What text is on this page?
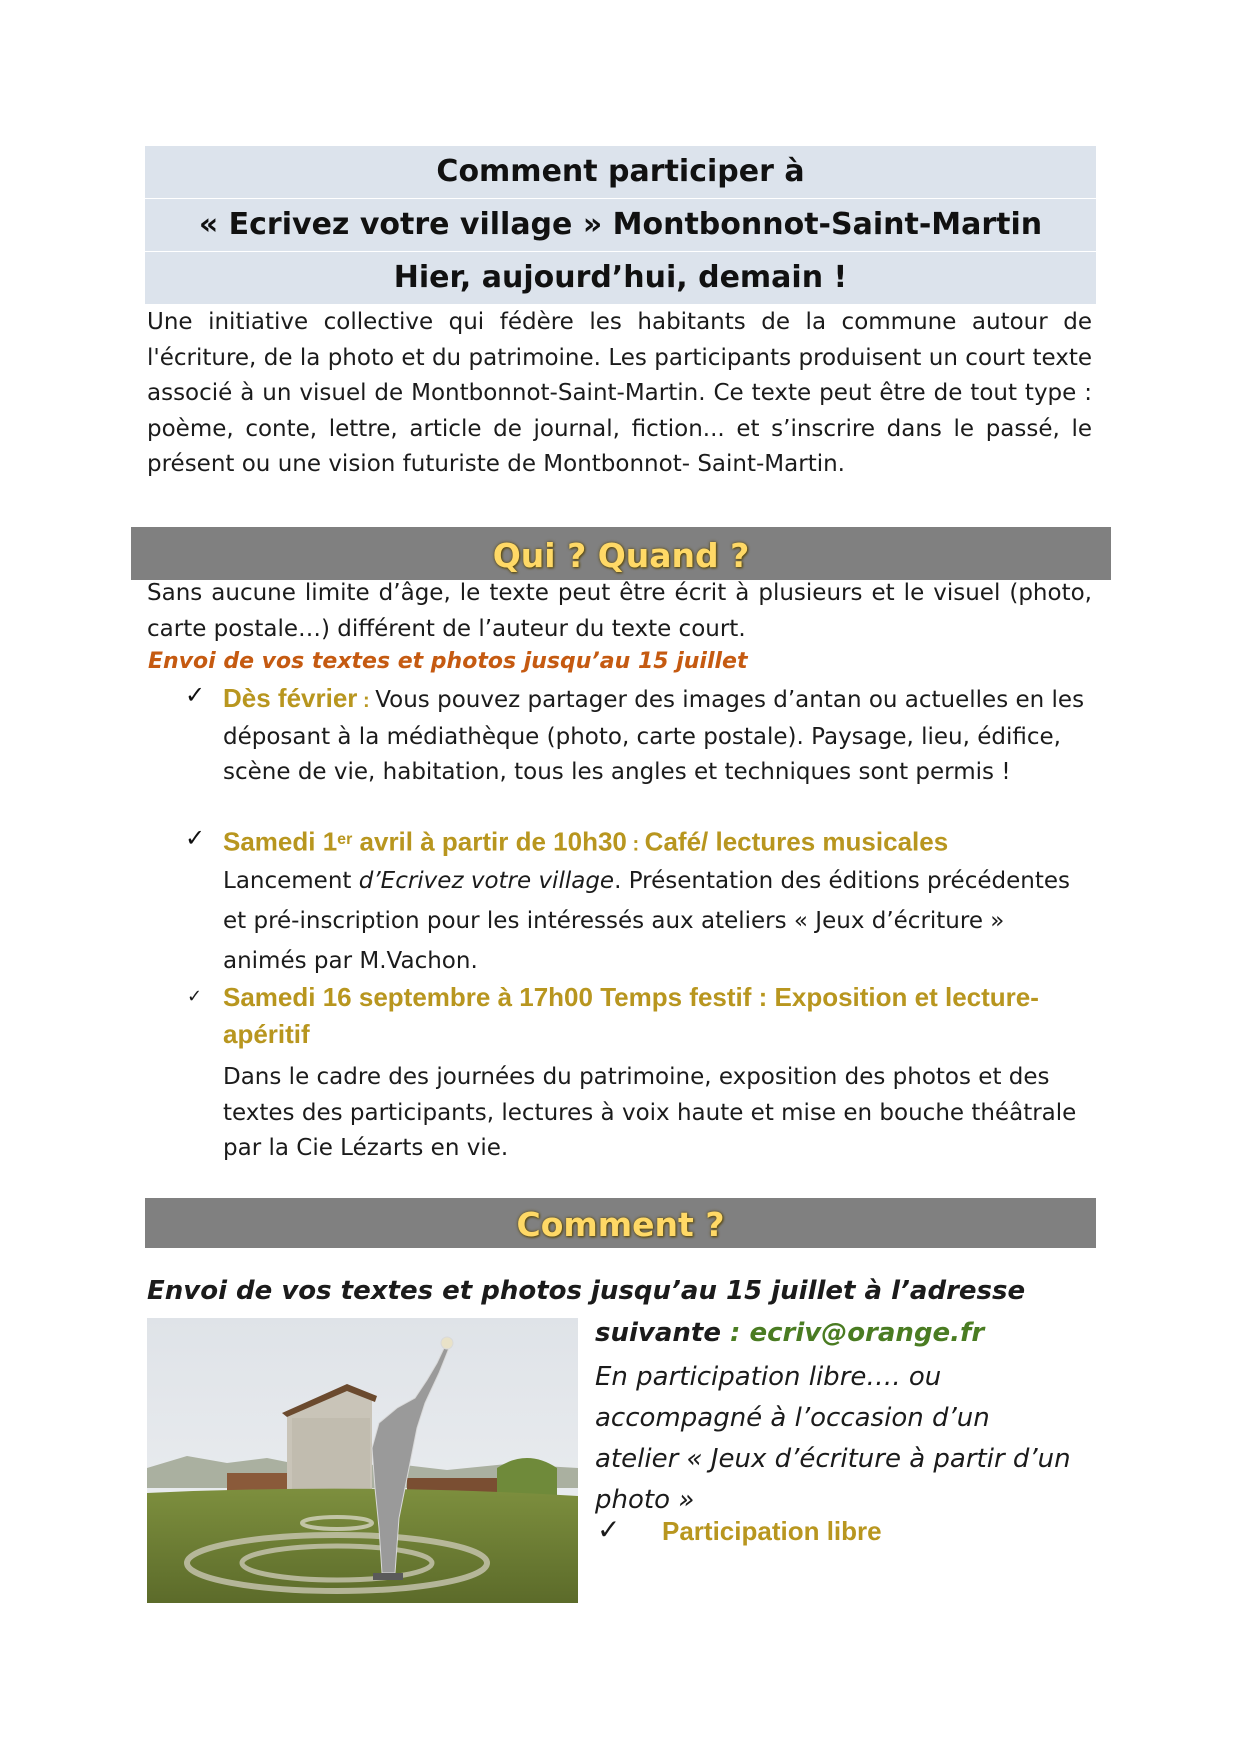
Comment participer à
« Ecrivez votre village » Montbonnot-Saint-Martin
Hier, aujourd’hui, demain !
Une initiative collective qui fédère les habitants de la commune autour de l'écriture, de la photo et du patrimoine. Les participants produisent un court texte associé à un visuel de Montbonnot-Saint-Martin. Ce texte peut être de tout type : poème, conte, lettre, article de journal, fiction... et s’inscrire dans le passé, le présent ou une vision futuriste de Montbonnot- Saint-Martin.
Qui ? Quand ?
Sans aucune limite d’âge, le texte peut être écrit à plusieurs et le visuel (photo, carte postale…) différent de l’auteur du texte court.
Envoi de vos textes et photos jusqu’au 15 juillet
✓ Dès février : Vous pouvez partager des images d’antan ou actuelles en les déposant à la médiathèque (photo, carte postale). Paysage, lieu, édifice, scène de vie, habitation, tous les angles et techniques sont permis !
✓ Samedi 1er avril à partir de 10h30 : Café/ lectures musicales
Lancement d’Ecrivez votre village. Présentation des éditions précédentes et pré-inscription pour les intéressés aux ateliers « Jeux d’écriture » animés par M.Vachon.
✓ Samedi 16 septembre à 17h00 Temps festif : Exposition et lecture-apéritif
Dans le cadre des journées du patrimoine, exposition des photos et des textes des participants, lectures à voix haute et mise en bouche théâtrale par la Cie Lézarts en vie.
Comment ?
Envoi de vos textes et photos jusqu’au 15 juillet à l’adresse
suivante : ecriv@orange.fr
En participation libre…. ou
accompagné à l’occasion d’un
atelier « Jeux d’écriture à partir d’un
photo »
✓ Participation libre
